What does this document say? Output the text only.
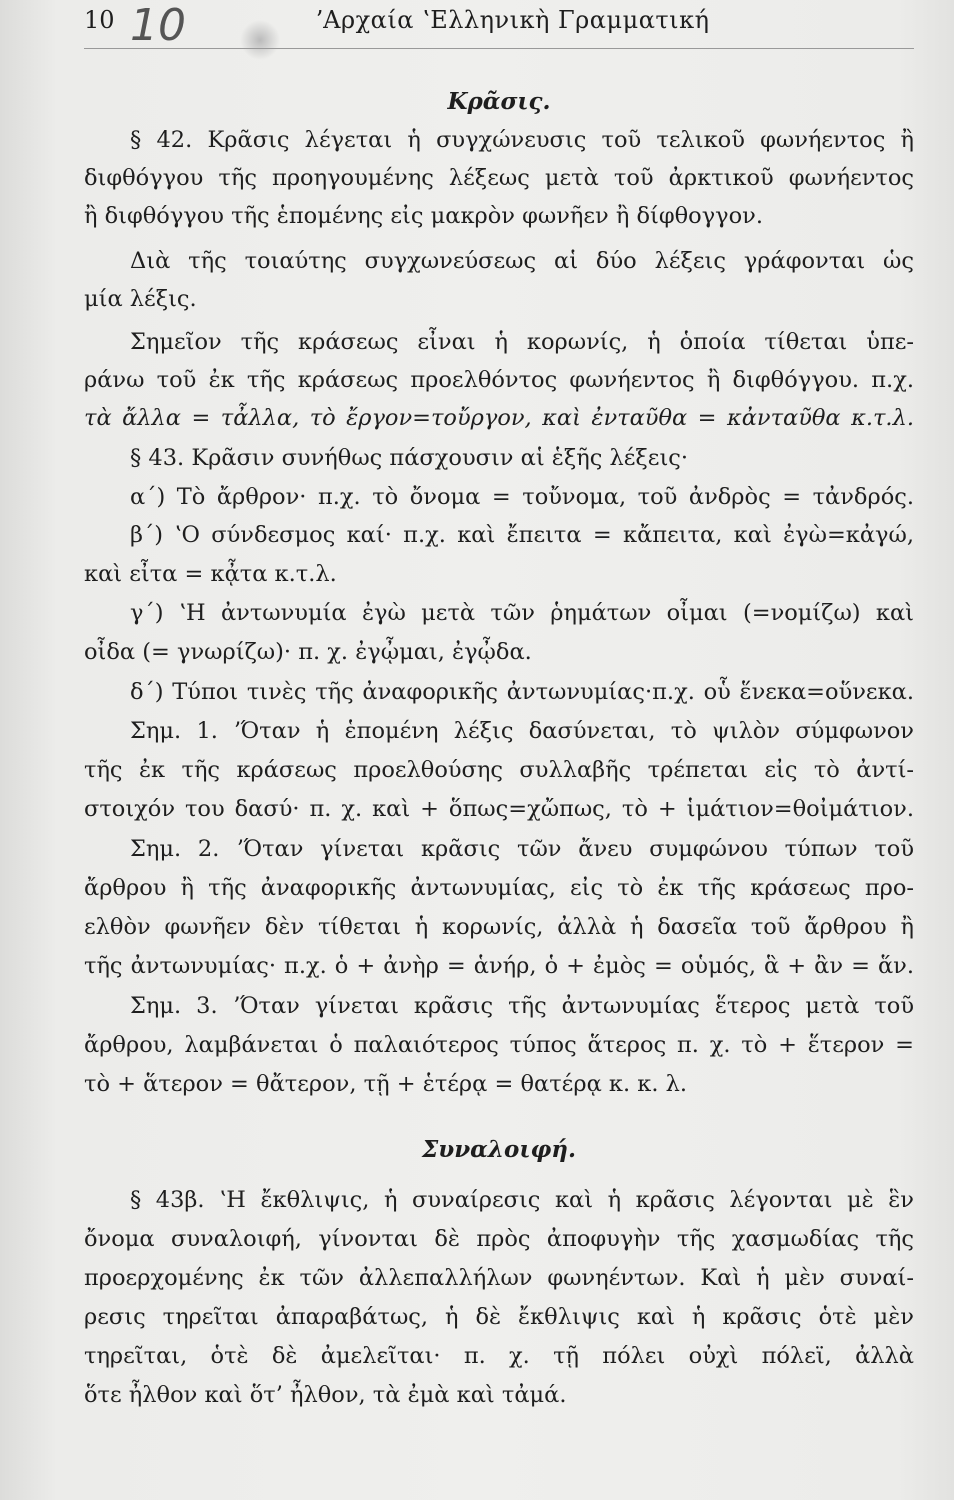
10 10	ʼΑρχαία ʽΕλληνικὴ Γραμματική
Κρᾶσις.
§ 42. Κρᾶσις λέγεται ἡ συγχώνευσις τοῦ τελικοῦ φωνήεντος ἢ
διφθόγγου τῆς προηγουμένης λέξεως μετὰ τοῦ ἀρκτικοῦ φωνήεντος
ἢ διφθόγγου τῆς ἑπομένης εἰς μακρὸν φωνῆεν ἢ δίφθογγον.
Διὰ τῆς τοιαύτης συγχωνεύσεως αἱ δύο λέξεις γράφονται ὡς
μία λέξις.
Σημεῖον τῆς κράσεως εἶναι ἡ κορωνίς, ἡ ὁποία τίθεται ὑπε-
ράνω τοῦ ἐκ τῆς κράσεως προελθόντος φωνήεντος ἢ διφθόγγου. π.χ.
τὰ ἄλλα = τἆλλα, τὸ ἔργον=τοὔργον, καὶ ἐνταῦθα = κἀνταῦθα κ.τ.λ.
§ 43. Κρᾶσιν συνήθως πάσχουσιν αἱ ἑξῆς λέξεις·
α΄) Τὸ ἄρθρον· π.χ. τὸ ὄνομα = τοὔνομα, τοῦ ἀνδρὸς = τἀνδρός.
β΄) ʽΟ σύνδεσμος καί· π.χ. καὶ ἔπειτα = κἄπειτα, καὶ ἐγὼ=κἀγώ,
καὶ εἶτα = κᾆτα κ.τ.λ.
γ΄) ʽΗ ἀντωνυμία ἐγὼ μετὰ τῶν ῥημάτων οἶμαι (=νομίζω) καὶ
οἶδα (= γνωρίζω)· π. χ. ἐγᾦμαι, ἐγᾦδα.
δ΄) Τύποι τινὲς τῆς ἀναφορικῆς ἀντωνυμίας·π.χ. οὗ ἕνεκα=οὕνεκα.
Σημ. 1. ʼΌταν ἡ ἑπομένη λέξις δασύνεται, τὸ ψιλὸν σύμφωνον
τῆς ἐκ τῆς κράσεως προελθούσης συλλαβῆς τρέπεται εἰς τὸ ἀντί-
στοιχόν του δασύ· π. χ. καὶ + ὅπως=χὤπως, τὸ + ἱμάτιον=θοἰμάτιον.
Σημ. 2. ʼΌταν γίνεται κρᾶσις τῶν ἄνευ συμφώνου τύπων τοῦ
ἄρθρου ἢ τῆς ἀναφορικῆς ἀντωνυμίας, εἰς τὸ ἐκ τῆς κράσεως προ-
ελθὸν φωνῆεν δὲν τίθεται ἡ κορωνίς, ἀλλὰ ἡ δασεῖα τοῦ ἄρθρου ἢ
τῆς ἀντωνυμίας· π.χ. ὁ + ἀνὴρ = ἁνήρ, ὁ + ἐμὸς = οὑμός, ἃ + ἂν = ἅν.
Σημ. 3. ʼΌταν γίνεται κρᾶσις τῆς ἀντωνυμίας ἕτερος μετὰ τοῦ
ἄρθρου, λαμβάνεται ὁ παλαιότερος τύπος ἅτερος π. χ. τὸ + ἕτερον =
τὸ + ἅτερον = θἄτερον, τῇ + ἑτέρᾳ = θατέρᾳ κ. κ. λ.
Συναλοιφή.
§ 43β. ʽΗ ἔκθλιψις, ἡ συναίρεσις καὶ ἡ κρᾶσις λέγονται μὲ ἓν
ὄνομα συναλοιφή, γίνονται δὲ πρὸς ἀποφυγὴν τῆς χασμωδίας τῆς
προερχομένης ἐκ τῶν ἀλλεπαλλήλων φωνηέντων. Καὶ ἡ μὲν συναί-
ρεσις τηρεῖται ἀπαραβάτως, ἡ δὲ ἔκθλιψις καὶ ἡ κρᾶσις ὁτὲ μὲν
τηρεῖται, ὁτὲ δὲ ἀμελεῖται· π. χ. τῇ πόλει οὐχὶ πόλεϊ, ἀλλὰ
ὅτε ἦλθον καὶ ὅτ’ ἦλθον, τὰ ἐμὰ καὶ τἀμά.
